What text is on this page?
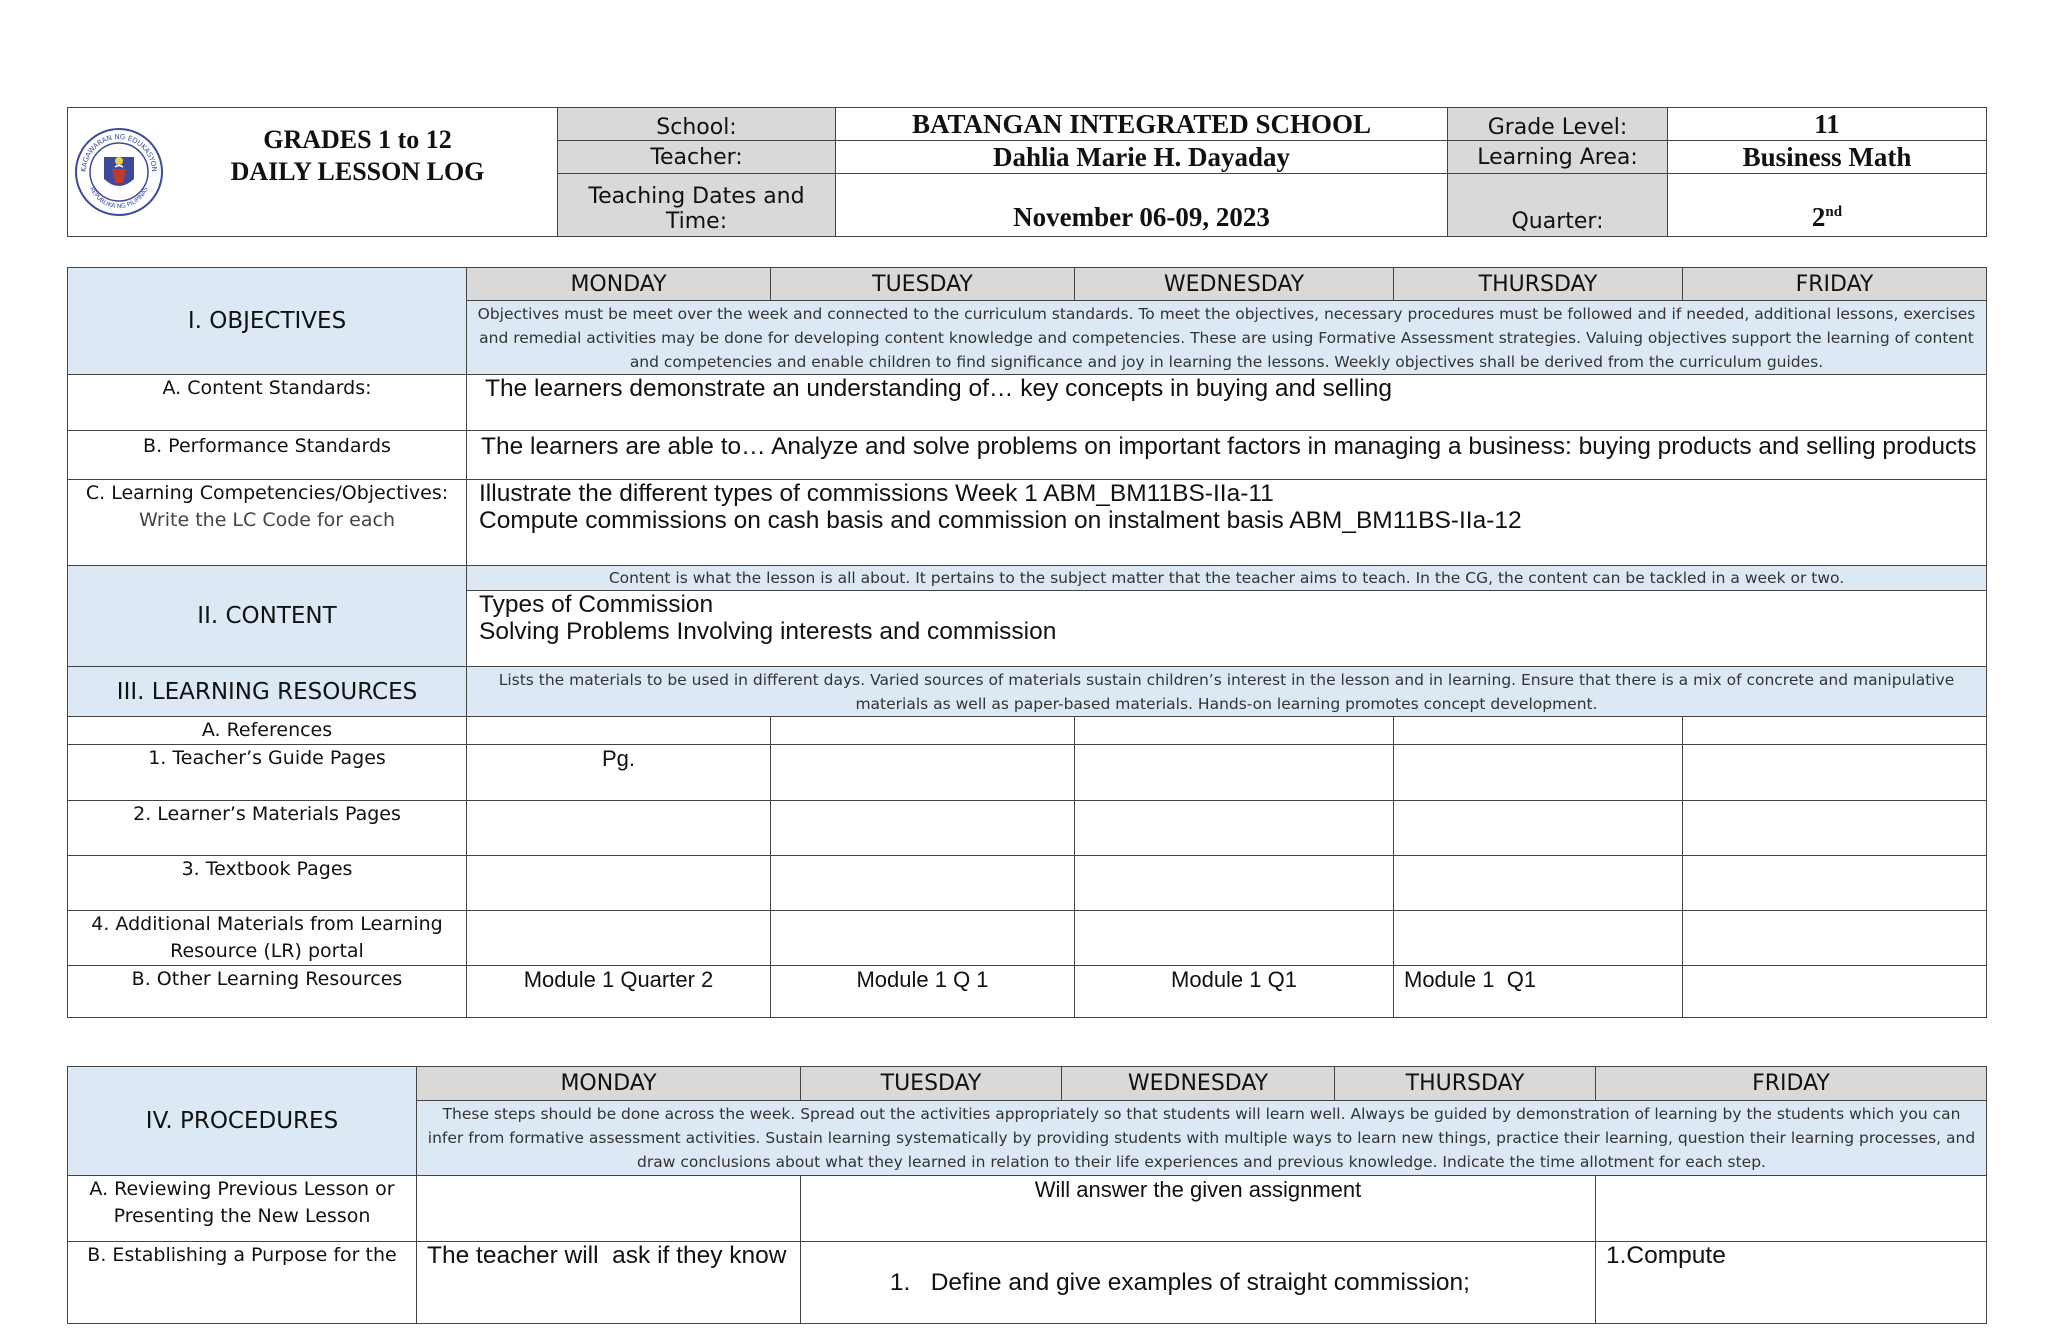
KAGAWARAN NG EDUKASYON
REPUBLIKA NG PILIPINAS
GRADES 1 to 12
DAILY LESSON LOG	School:	BATANGAN INTEGRATED SCHOOL	Grade Level:	11
	Teacher:	Dahlia Marie H. Dayaday	Learning Area:	Business Math
	Teaching Dates and Time:	November 06-09, 2023	Quarter:	2nd
I. OBJECTIVES	MONDAY	TUESDAY	WEDNESDAY	THURSDAY	FRIDAY
	Objectives must be meet over the week and connected to the curriculum standards. To meet the objectives, necessary procedures must be followed and if needed, additional lessons, exercises and remedial activities may be done for developing content knowledge and competencies. These are using Formative Assessment strategies. Valuing objectives support the learning of content and competencies and enable children to find significance and joy in learning the lessons. Weekly objectives shall be derived from the curriculum guides.				
A. Content Standards:	The learners demonstrate an understanding of… key concepts in buying and selling				
B. Performance Standards	The learners are able to… Analyze and solve problems on important factors in managing a business: buying products and selling products				

C. Learning Competencies/Objectives:
Write the LC Code for each	Illustrate the different types of commissions Week 1 ABM_BM11BS-IIa-11
Compute commissions on cash basis and commission on instalment basis ABM_BM11BS-IIa-12				

II. CONTENT	Content is what the lesson is all about. It pertains to the subject matter that the teacher aims to teach. In the CG, the content can be tackled in a week or two.				

	Types of Commission
Solving Problems Involving interests and commission				

III. LEARNING RESOURCES	Lists the materials to be used in different days. Varied sources of materials sustain children’s interest in the lesson and in learning. Ensure that there is a mix of concrete and manipulative materials as well as paper-based materials. Hands-on learning promotes concept development.				
A. References					
1. Teacher’s Guide Pages	Pg.				
2. Learner’s Materials Pages					
3. Textbook Pages					

4. Additional Materials from Learning
Resource (LR) portal					

B. Other Learning Resources	Module 1 Quarter 2	Module 1 Q 1	Module 1 Q1	Module 1  Q1	
IV. PROCEDURES	MONDAY	TUESDAY	WEDNESDAY	THURSDAY	FRIDAY
	These steps should be done across the week. Spread out the activities appropriately so that students will learn well. Always be guided by demonstration of learning by the students which you can infer from formative assessment activities. Sustain learning systematically by providing students with multiple ways to learn new things, practice their learning, question their learning processes, and draw conclusions about what they learned in relation to their life experiences and previous knowledge. Indicate the time allotment for each step.				

A. Reviewing Previous Lesson or
Presenting the New Lesson		Will answer the given assignment			

B. Establishing a Purpose for the	The teacher will  ask if they know	1.   Define and give examples of straight commission;			1.Compute
